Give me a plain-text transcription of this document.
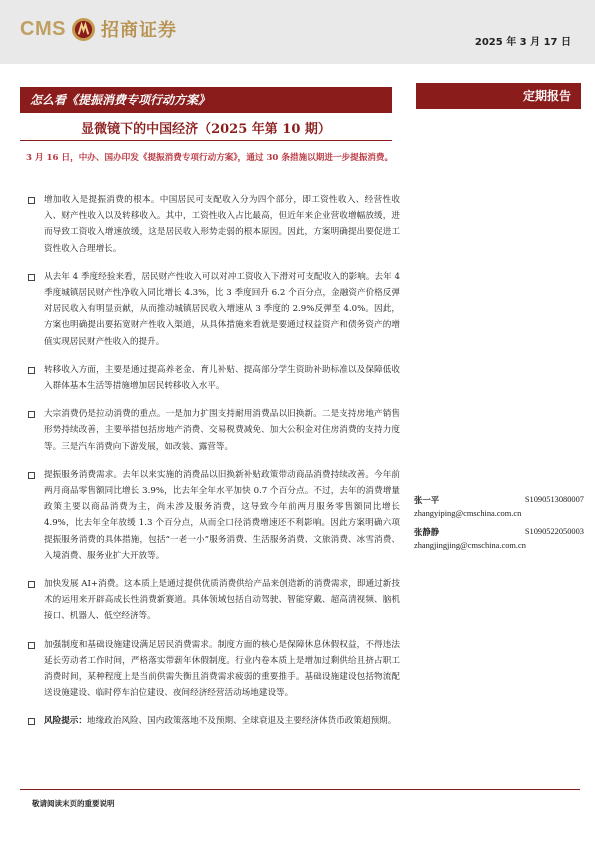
CMS 招商证券
2025 年 3 月 17 日
怎么看《提振消费专项行动方案》	定期报告
显微镜下的中国经济（2025 年第 10 期）
3 月 16 日，中办、国办印发《提振消费专项行动方案》，通过 30 条措施以期进一步提振消费。
增加收入是提振消费的根本。中国居民可支配收入分为四个部分，即工资性收入、经营性收入、财产性收入以及转移收入。其中，工资性收入占比最高，但近年来企业营收增幅放缓，进而导致工资收入增速放缓，这是居民收入形势走弱的根本原因。因此，方案明确提出要促进工资性收入合理增长。
从去年 4 季度经验来看，居民财产性收入可以对冲工资收入下滑对可支配收入的影响。去年 4 季度城镇居民财产性净收入同比增长 4.3%，比 3 季度回升 6.2 个百分点，金融资产价格反弹对居民收入有明显贡献，从而推动城镇居民收入增速从 3 季度的 2.9%反弹至 4.0%。因此，方案也明确提出要拓宽财产性收入渠道，从具体措施来看就是要通过权益资产和债务资产的增值实现居民财产性收入的提升。
转移收入方面，主要是通过提高养老金、育儿补贴、提高部分学生资助补助标准以及保障低收入群体基本生活等措施增加居民转移收入水平。
大宗消费仍是拉动消费的重点。一是加力扩围支持耐用消费品以旧换新。二是支持房地产销售形势持续改善，主要举措包括房地产消费、交易税费减免、加大公积金对住房消费的支持力度等。三是汽车消费向下游发展，如改装、露营等。
提振服务消费需求。去年以来实施的消费品以旧换新补贴政策带动商品消费持续改善。今年前两月商品零售额同比增长 3.9%，比去年全年水平加快 0.7 个百分点。不过，去年的消费增量政策主要以商品消费为主，尚未涉及服务消费，这导致今年前两月服务零售额同比增长 4.9%，比去年全年放缓 1.3 个百分点，从而全口径消费增速还不利影响。因此方案明确六项提振服务消费的具体措施，包括“一老一小”服务消费、生活服务消费、文旅消费、冰雪消费、入境消费、服务业扩大开放等。
加快发展 AI+消费。这本质上是通过提供优质消费供给产品来创造新的消费需求，即通过新技术的运用来开辟高成长性消费新赛道。具体领域包括自动驾驶、智能穿戴、超高清视频、脑机接口、机器人、低空经济等。
加强制度和基础设施建设满足居民消费需求。制度方面的核心是保障休息休假权益，不得违法延长劳动者工作时间，严格落实带薪年休假制度。行业内卷本质上是增加过剩供给且挤占职工消费时间，某种程度上是当前供需失衡且消费需求疲弱的重要推手。基础设施建设包括物流配送设施建设、临时停车泊位建设、夜间经济经营活动场地建设等。
风险提示：地缘政治风险、国内政策落地不及预期、全球衰退及主要经济体货币政策超预期。
张一平	S1090513080007
zhangyiping@cmschina.com.cn
张静静	S1090522050003
zhangjingjing@cmschina.com.cn
敬请阅读末页的重要说明
